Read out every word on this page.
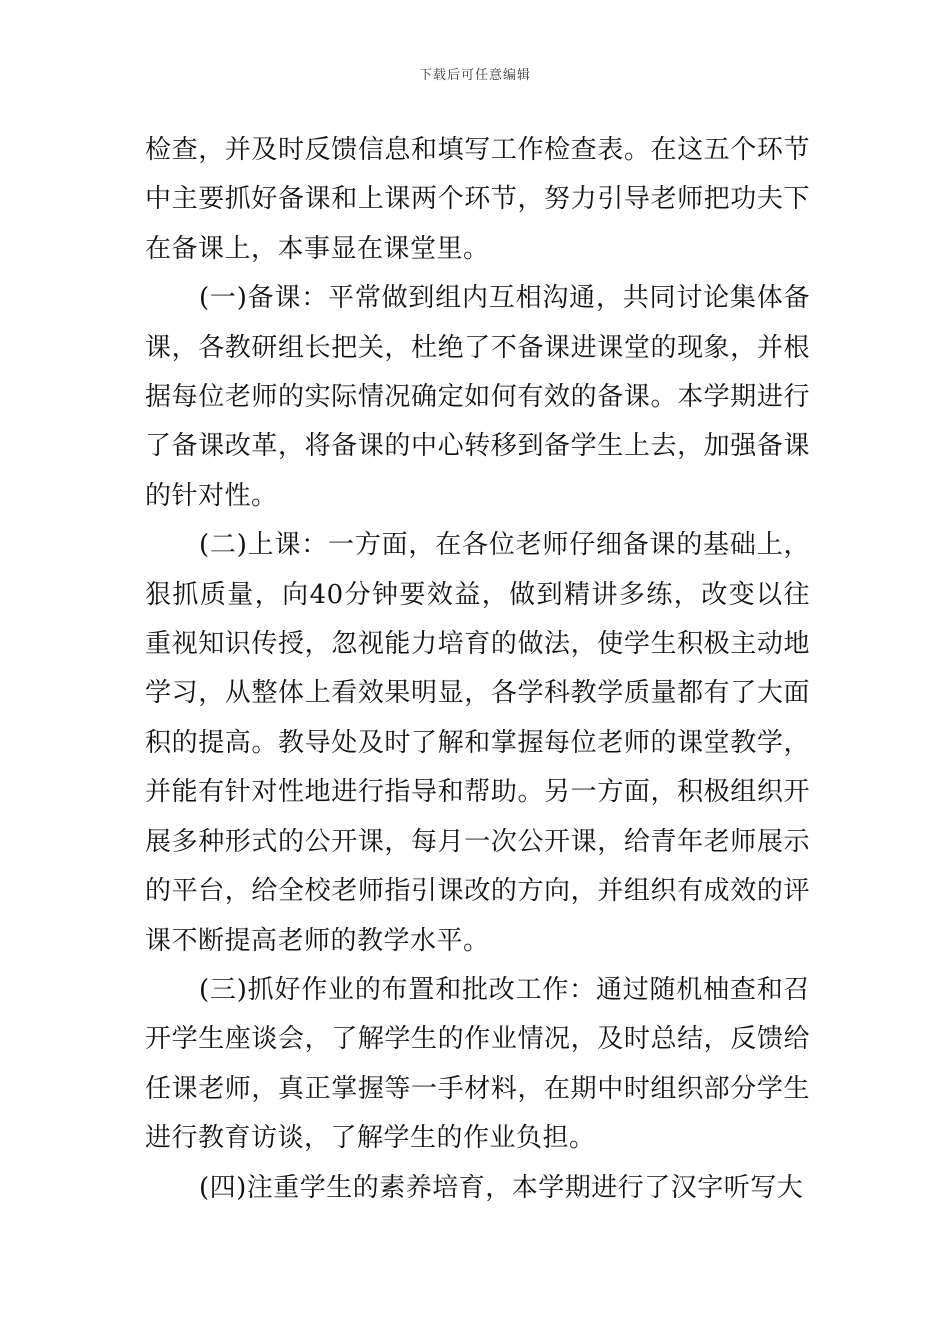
下载后可任意编辑

检查，并及时反馈信息和填写工作检查表。在这五个环节中主要抓好备课和上课两个环节，努力引导老师把功夫下在备课上，本事显在课堂里。

(一)备课：平常做到组内互相沟通，共同讨论集体备课，各教研组长把关，杜绝了不备课进课堂的现象，并根据每位老师的实际情况确定如何有效的备课。本学期进行了备课改革，将备课的中心转移到备学生上去，加强备课的针对性。

(二)上课：一方面，在各位老师仔细备课的基础上，狠抓质量，向40分钟要效益，做到精讲多练，改变以往重视知识传授，忽视能力培育的做法，使学生积极主动地学习，从整体上看效果明显，各学科教学质量都有了大面积的提高。教导处及时了解和掌握每位老师的课堂教学，并能有针对性地进行指导和帮助。另一方面，积极组织开展多种形式的公开课，每月一次公开课，给青年老师展示的平台，给全校老师指引课改的方向，并组织有成效的评课不断提高老师的教学水平。

(三)抓好作业的布置和批改工作：通过随机柚查和召开学生座谈会，了解学生的作业情况，及时总结，反馈给任课老师，真正掌握等一手材料，在期中时组织部分学生进行教育访谈，了解学生的作业负担。

(四)注重学生的素养培育，本学期进行了汉字听写大
